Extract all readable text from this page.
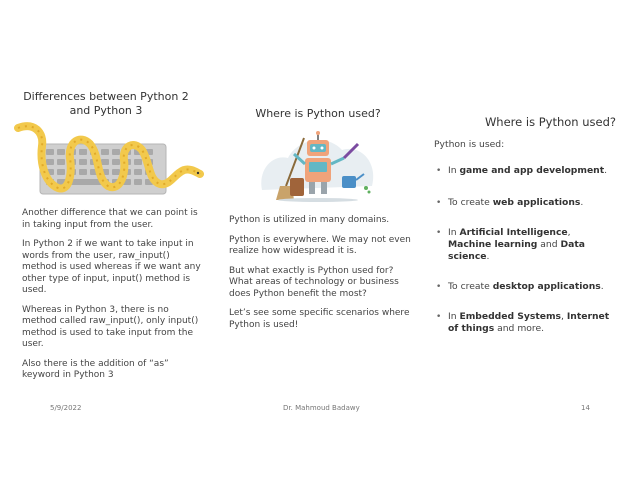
Differences between Python 2 and Python 3

Another difference that we can point is in taking input from the user.

In Python 2 if we want to take input in words from the user, raw_input() method is used whereas if we want any other type of input, input() method is used.

Whereas in Python 3, there is no method called raw_input(), only input() method is used to take input from the user.

Also there is the addition of “as” keyword in Python 3

Where is Python used?

Python is utilized in many domains.

Python is everywhere. We may not even realize how widespread it is.

But what exactly is Python used for? What areas of technology or business does Python benefit the most?

Let’s see some specific scenarios where Python is used!

Where is Python used?
Python is used:
• In game and app development.
• To create web applications.
• In Artificial Intelligence, Machine learning and Data science.
• To create desktop applications.
• In Embedded Systems, Internet of things and more.
5/9/2022	Dr. Mahmoud Badawy	14
